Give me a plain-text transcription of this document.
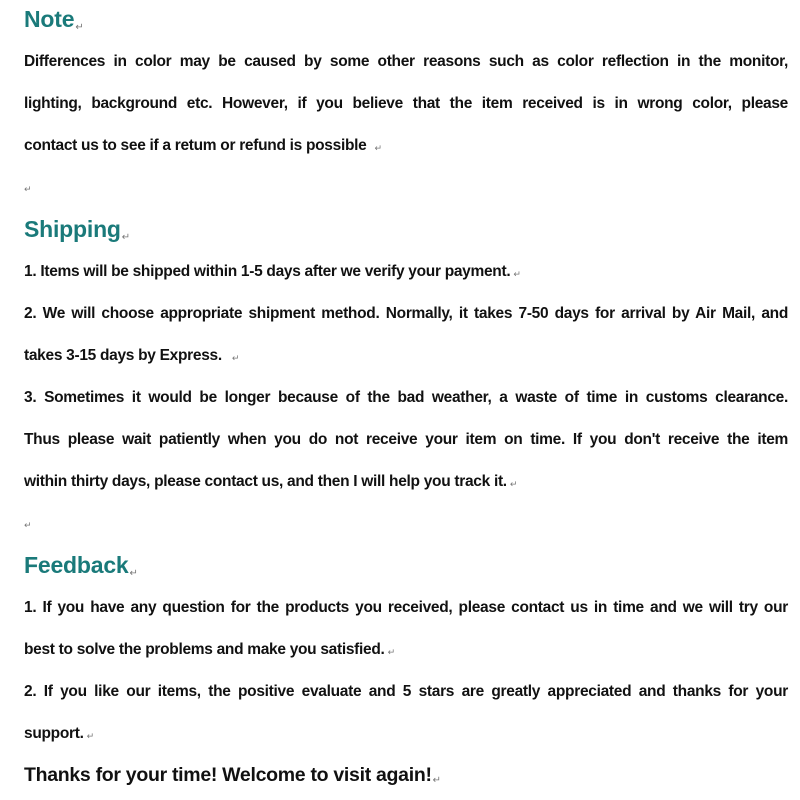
Note↵
Differences in color may be caused by some other reasons such as color reflection in the monitor,
lighting, background etc. However, if you believe that the item received is in wrong color, please
contact us to see if a retum or refund is possible ↵
↵
Shipping↵
1. Items will be shipped within 1-5 days after we verify your payment. ↵
2. We will choose appropriate shipment method. Normally, it takes 7-50 days for arrival by Air Mail, and
takes 3-15 days by Express. ↵
3. Sometimes it would be longer because of the bad weather, a waste of time in customs clearance.
Thus please wait patiently when you do not receive your item on time. If you don't receive the item
within thirty days, please contact us, and then I will help you track it. ↵
↵
Feedback↵
1. If you have any question for the products you received, please contact us in time and we will try our
best to solve the problems and make you satisfied. ↵
2. If you like our items, the positive evaluate and 5 stars are greatly appreciated and thanks for your
support. ↵
Thanks for your time! Welcome to visit again!↵
